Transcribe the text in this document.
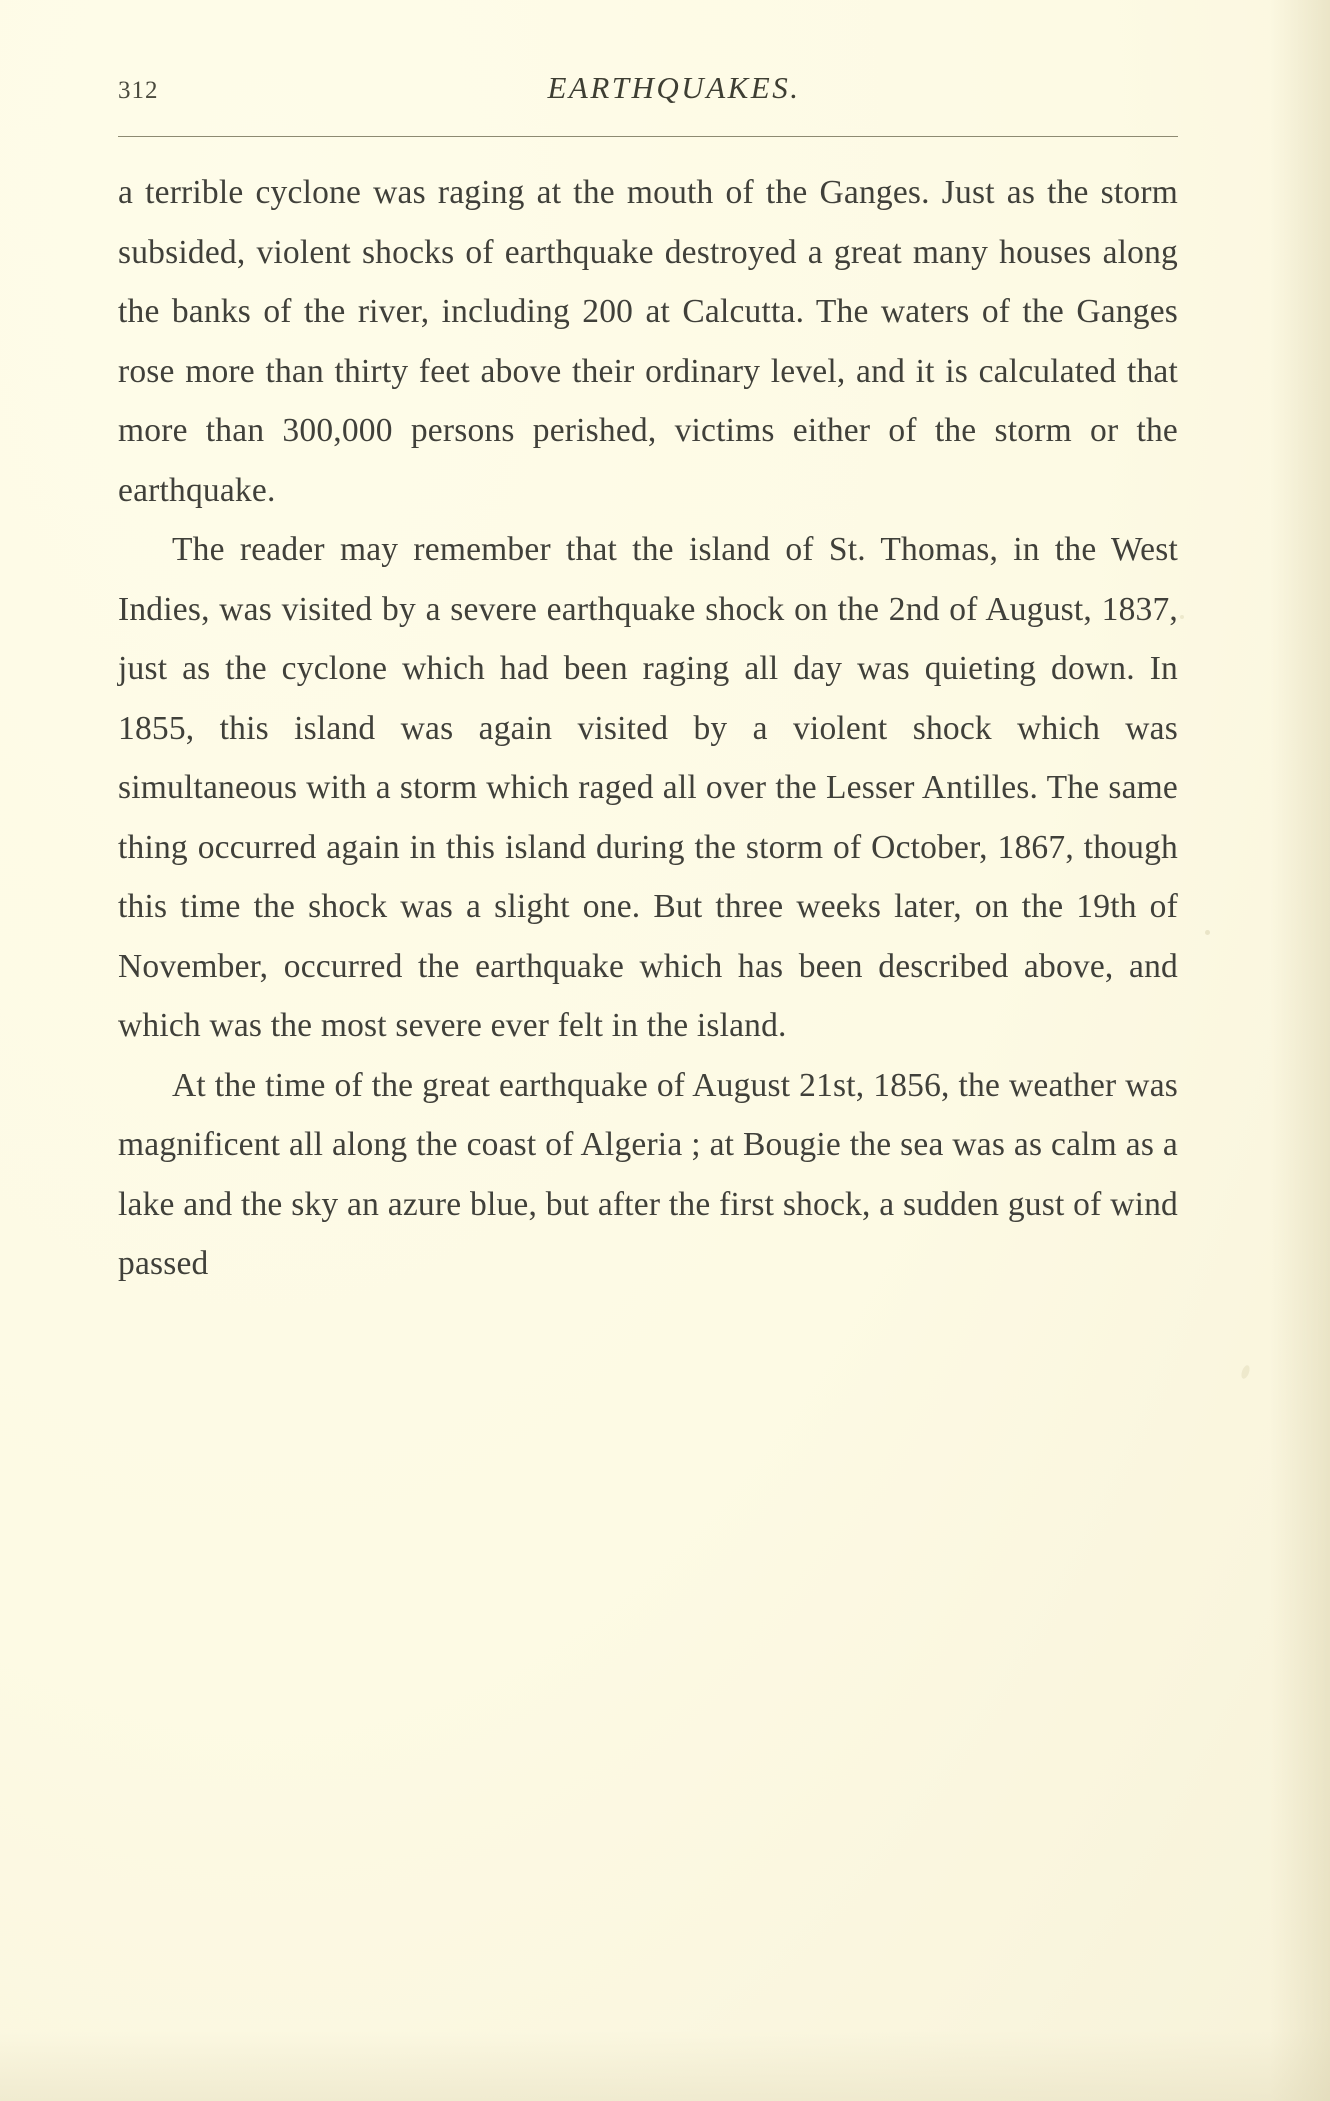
312	EARTHQUAKES.

a terrible cyclone was raging at the mouth of the Ganges. Just as the storm subsided, violent shocks of earthquake destroyed a great many houses along the banks of the river, including 200 at Calcutta. The waters of the Ganges rose more than thirty feet above their ordinary level, and it is calculated that more than 300,000 persons perished, victims either of the storm or the earthquake.

The reader may remember that the island of St. Thomas, in the West Indies, was visited by a severe earthquake shock on the 2nd of August, 1837, just as the cyclone which had been raging all day was quieting down. In 1855, this island was again visited by a violent shock which was simultaneous with a storm which raged all over the Lesser Antilles. The same thing occurred again in this island during the storm of October, 1867, though this time the shock was a slight one. But three weeks later, on the 19th of November, occurred the earthquake which has been described above, and which was the most severe ever felt in the island.

At the time of the great earthquake of August 21st, 1856, the weather was magnificent all along the coast of Algeria ; at Bougie the sea was as calm as a lake and the sky an azure blue, but after the first shock, a sudden gust of wind passed
